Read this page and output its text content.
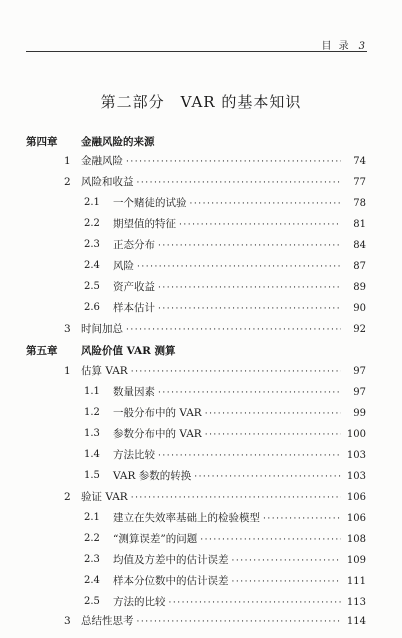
目 录 3
第二部分　VAR 的基本知识
第四章 金融风险的来源
1 金融风险 ·····	74
2 风险和收益 ·····	77
2.1 一个赌徒的试验 ·····	78
2.2 期望值的特征 ·····	81
2.3 正态分布 ·····	84
2.4 风险 ·····	87
2.5 资产收益 ·····	89
2.6 样本估计 ·····	90
3 时间加总 ·····	92
第五章 风险价值 VAR 测算
1 估算 VAR ·····	97
1.1 数量因素 ·····	97
1.2 一般分布中的 VAR ·····	99
1.3 参数分布中的 VAR ·····	100
1.4 方法比较 ·····	103
1.5 VAR 参数的转换 ·····	103
2 验证 VAR ·····	106
2.1 建立在失效率基础上的检验模型 ·····	106
2.2 “测算误差”的问题 ·····	108
2.3 均值及方差中的估计误差 ·····	109
2.4 样本分位数中的估计误差 ·····	111
2.5 方法的比较 ·····	113
3 总结性思考 ·····	114
